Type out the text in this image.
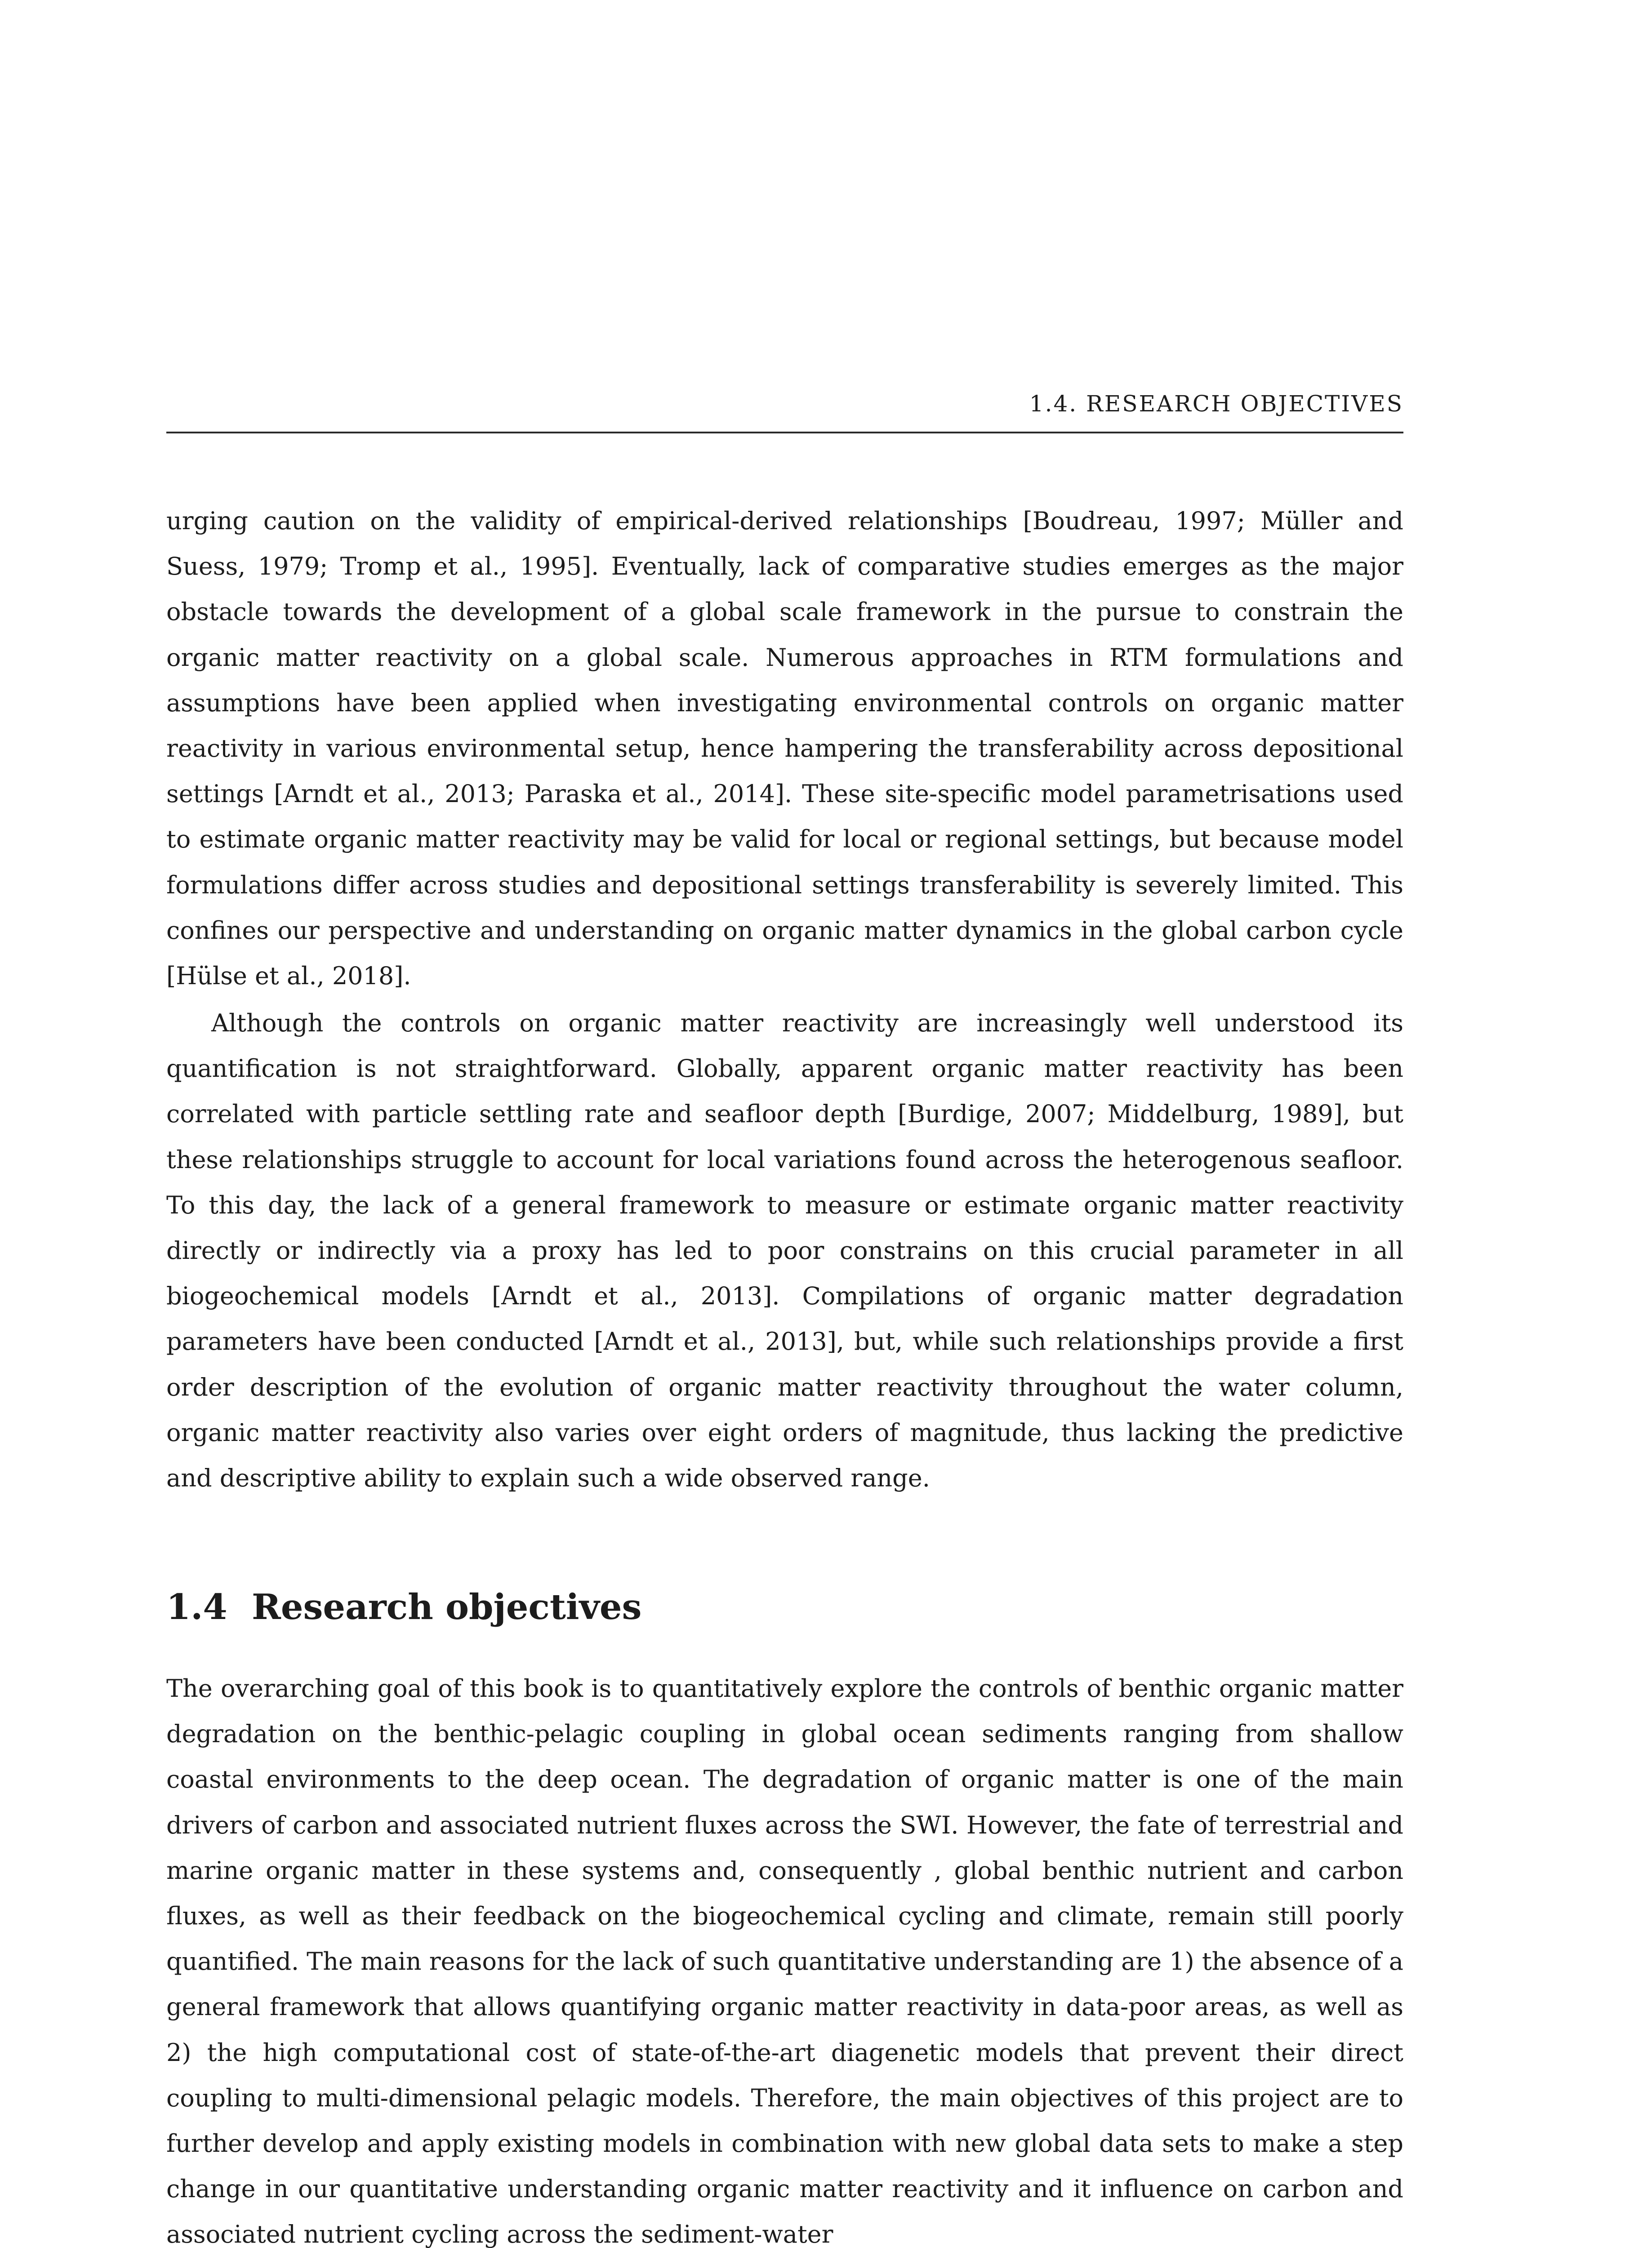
1.4. RESEARCH OBJECTIVES

urging caution on the validity of empirical-derived relationships [Boudreau, 1997; Müller and Suess, 1979; Tromp et al., 1995]. Eventually, lack of comparative studies emerges as the major obstacle towards the development of a global scale framework in the pursue to constrain the organic matter reactivity on a global scale. Numerous approaches in RTM formulations and assumptions have been applied when investigating environmental controls on organic matter reactivity in various environmental setup, hence hampering the transferability across depositional settings [Arndt et al., 2013; Paraska et al., 2014]. These site-specific model parametrisations used to estimate organic matter reactivity may be valid for local or regional settings, but because model formulations differ across studies and depositional settings transferability is severely limited. This confines our perspective and understanding on organic matter dynamics in the global carbon cycle [Hülse et al., 2018].

Although the controls on organic matter reactivity are increasingly well understood its quantification is not straightforward. Globally, apparent organic matter reactivity has been correlated with particle settling rate and seafloor depth [Burdige, 2007; Middelburg, 1989], but these relationships struggle to account for local variations found across the heterogenous seafloor. To this day, the lack of a general framework to measure or estimate organic matter reactivity directly or indirectly via a proxy has led to poor constrains on this crucial parameter in all biogeochemical models [Arndt et al., 2013]. Compilations of organic matter degradation parameters have been conducted [Arndt et al., 2013], but, while such relationships provide a first order description of the evolution of organic matter reactivity throughout the water column, organic matter reactivity also varies over eight orders of magnitude, thus lacking the predictive and descriptive ability to explain such a wide observed range.

1.4 Research objectives

The overarching goal of this book is to quantitatively explore the controls of benthic organic matter degradation on the benthic-pelagic coupling in global ocean sediments ranging from shallow coastal environments to the deep ocean. The degradation of organic matter is one of the main drivers of carbon and associated nutrient fluxes across the SWI. However, the fate of terrestrial and marine organic matter in these systems and, consequently , global benthic nutrient and carbon fluxes, as well as their feedback on the biogeochemical cycling and climate, remain still poorly quantified. The main reasons for the lack of such quantitative understanding are 1) the absence of a general framework that allows quantifying organic matter reactivity in data-poor areas, as well as 2) the high computational cost of state-of-the-art diagenetic models that prevent their direct coupling to multi-dimensional pelagic models. Therefore, the main objectives of this project are to further develop and apply existing models in combination with new global data sets to make a step change in our quantitative understanding organic matter reactivity and it influence on carbon and associated nutrient cycling across the sediment-water
